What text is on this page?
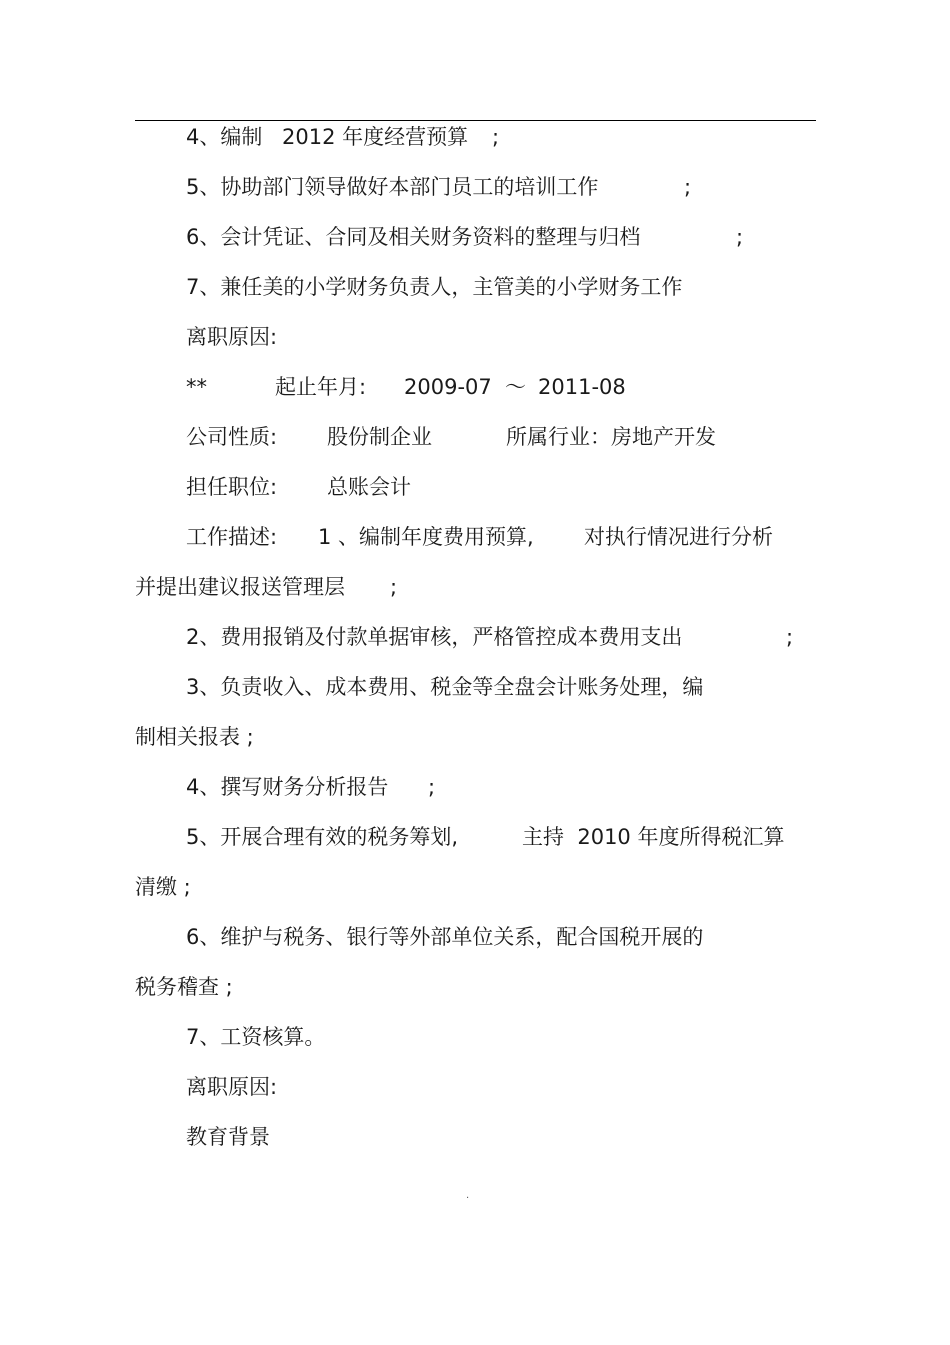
4、编制 2012 年度经营预算 ;
5、协助部门领导做好本部门员工的培训工作	;
6、会计凭证、合同及相关财务资料的整理与归档	;
7、兼任美的小学财务负责人，主管美的小学财务工作
离职原因:
**	起止年月: 2009-07 ～ 2011-08
公司性质: 股份制企业	所属行业：房地产开发
担任职位: 总账会计
工作描述: 1 、编制年度费用预算, 对执行情况进行分析
并提出建议报送管理层 ;
2、费用报销及付款单据审核，严格管控成本费用支出	;
3、负责收入、成本费用、税金等全盘会计账务处理，编
制相关报表 ;
4、撰写财务分析报告 ;
5、开展合理有效的税务筹划,	主持  2010 年度所得税汇算
清缴 ;
6、维护与税务、银行等外部单位关系，配合国税开展的
税务稽查 ;
7、工资核算。
离职原因:
教育背景
.
